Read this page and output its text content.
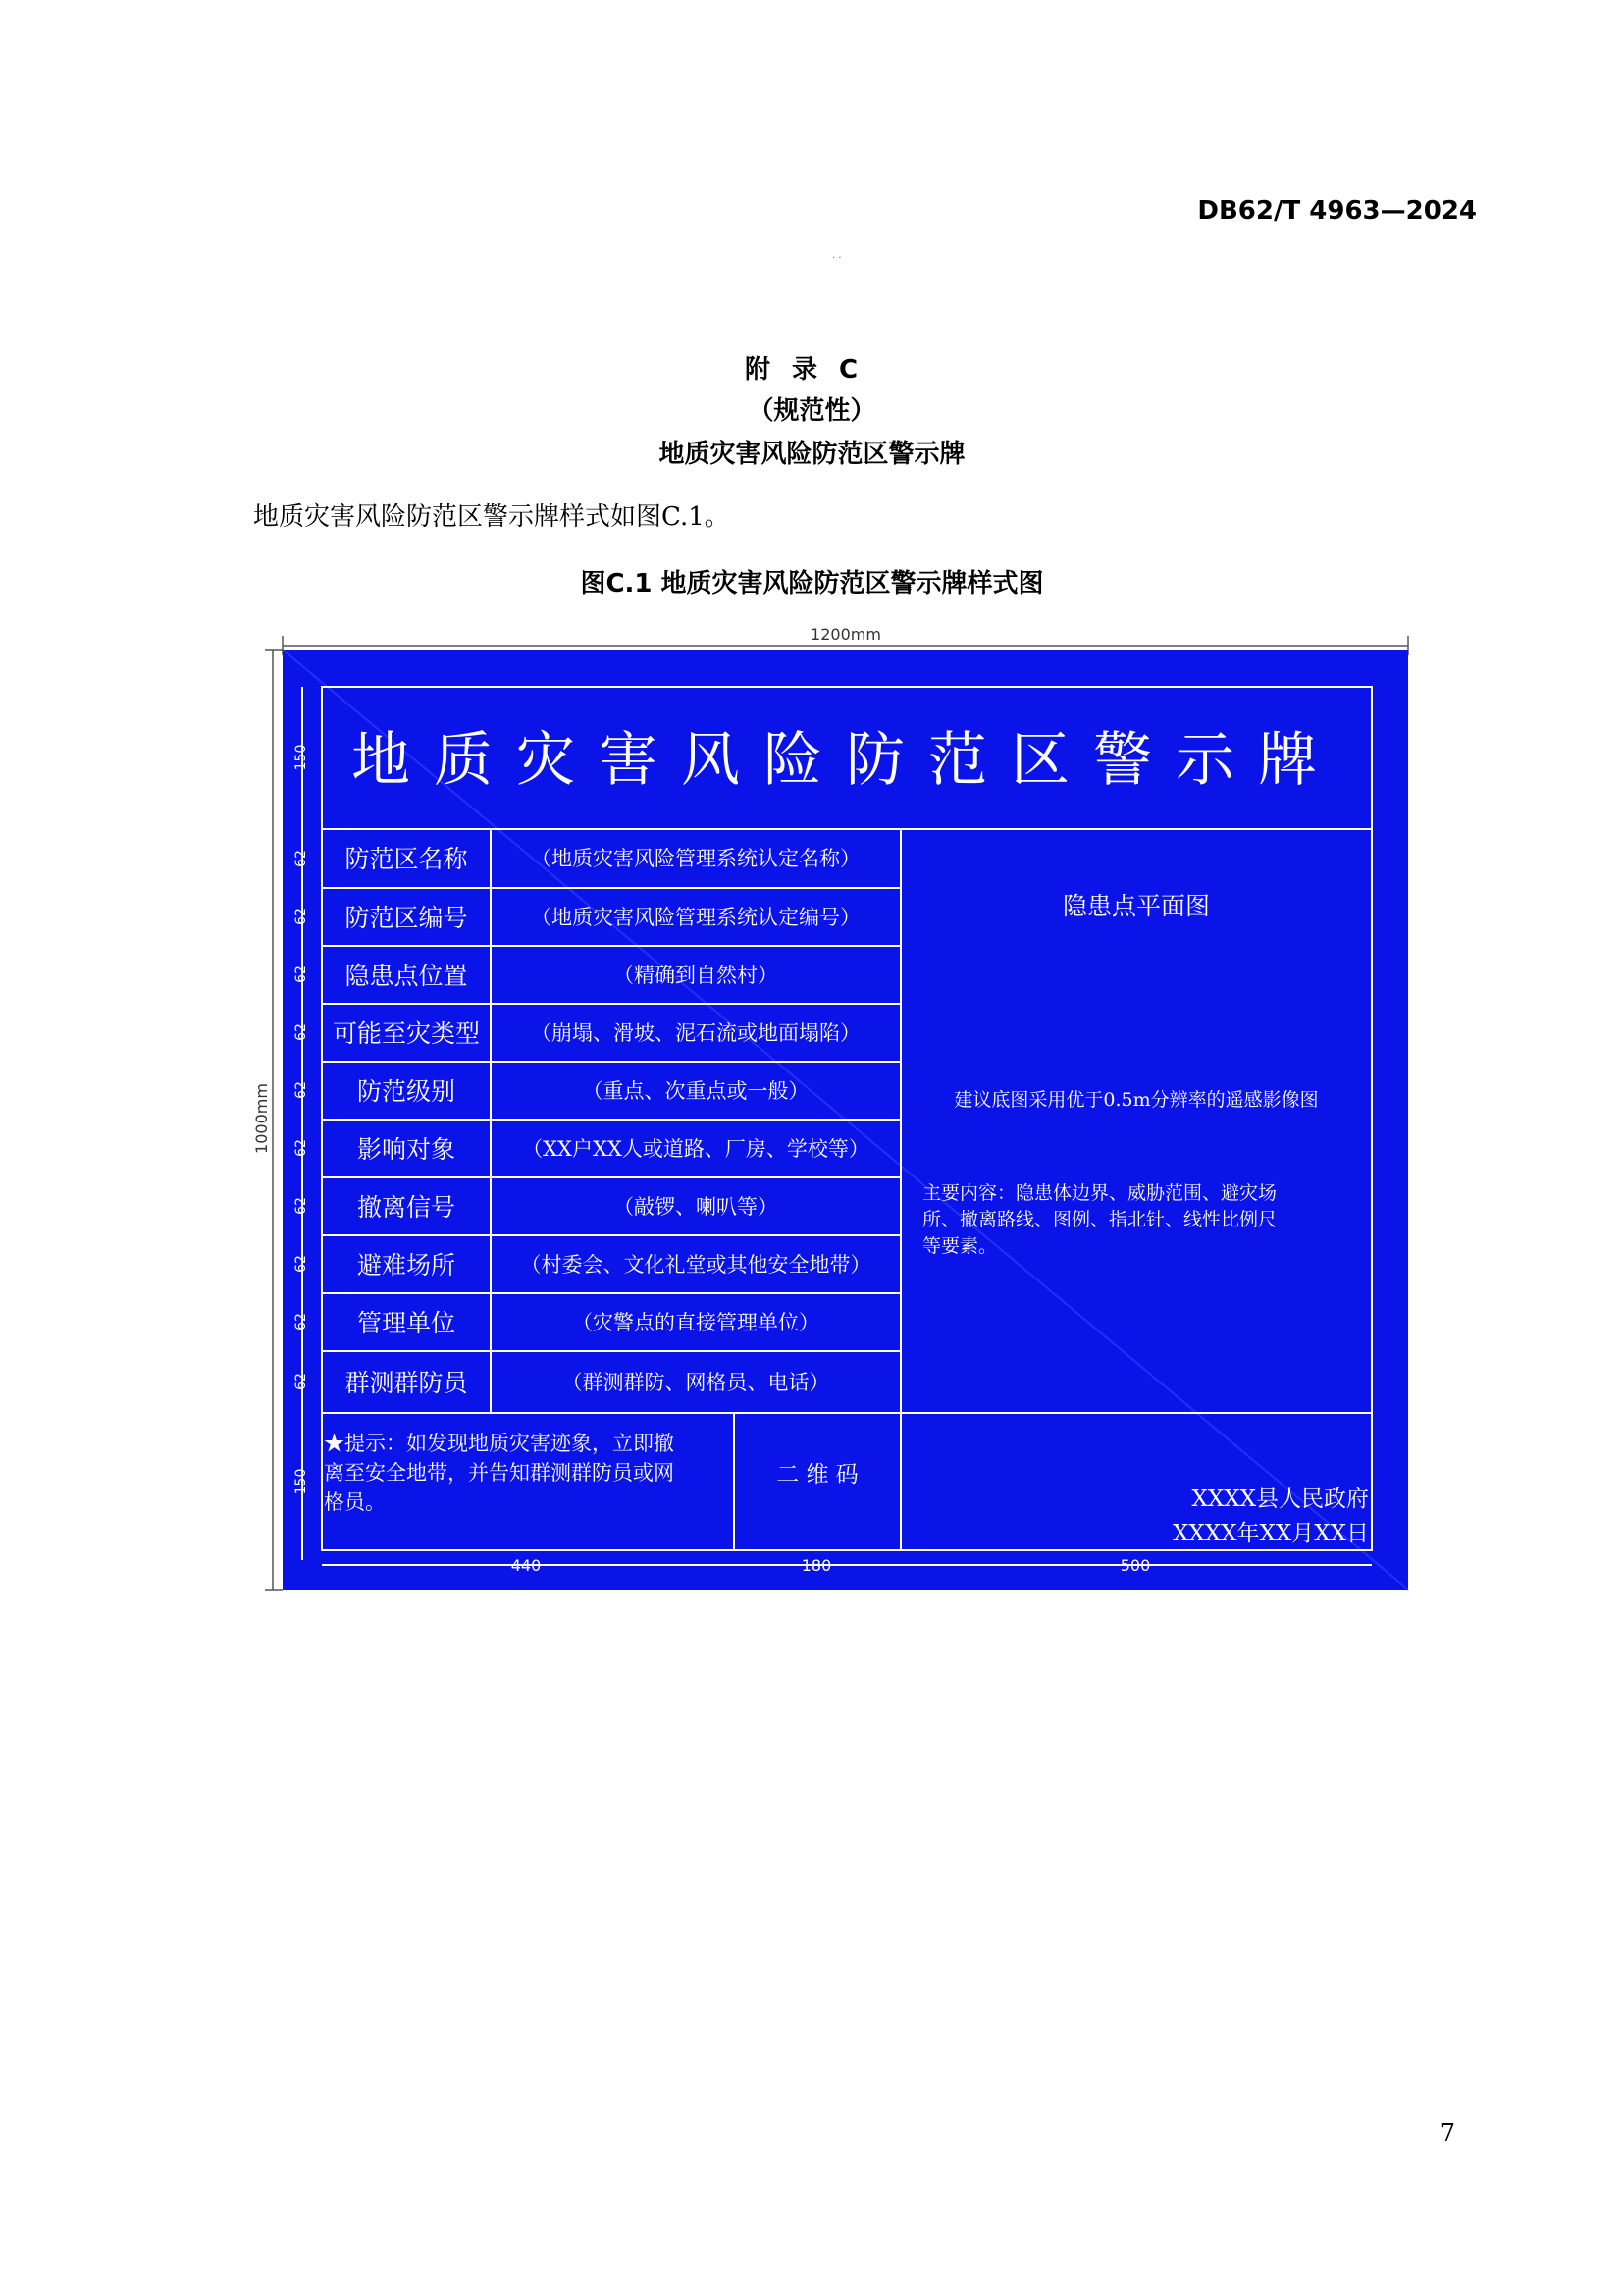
DB62/T 4963—2024
· ·
附录C
（规范性）
地质灾害风险防范区警示牌
地质灾害风险防范区警示牌样式如图C.1。
图C.1 地质灾害风险防范区警示牌样式图
1200mm
1000mm
150
62
62
62
62
62
62
62
62
62
62
150
440	180	500
地质灾害风险防范区警示牌
防范区名称
防范区编号
隐患点位置
可能至灾类型
防范级别
影响对象
撤离信号
避难场所
管理单位
群测群防员
（地质灾害风险管理系统认定名称）
（地质灾害风险管理系统认定编号）
（精确到自然村）
（崩塌、滑坡、泥石流或地面塌陷）
（重点、次重点或一般）
（XX户XX人或道路、厂房、学校等）
（敲锣、喇叭等）
（村委会、文化礼堂或其他安全地带）
（灾警点的直接管理单位）
（群测群防、网格员、电话）
隐患点平面图
建议底图采用优于0.5m分辨率的遥感影像图
主要内容：隐患体边界、威胁范围、避灾场
所、撤离路线、图例、指北针、线性比例尺
等要素。
★提示：如发现地质灾害迹象，立即撤
离至安全地带，并告知群测群防员或网
格员。
二 维 码
XXXX县人民政府
XXXX年XX月XX日
7
